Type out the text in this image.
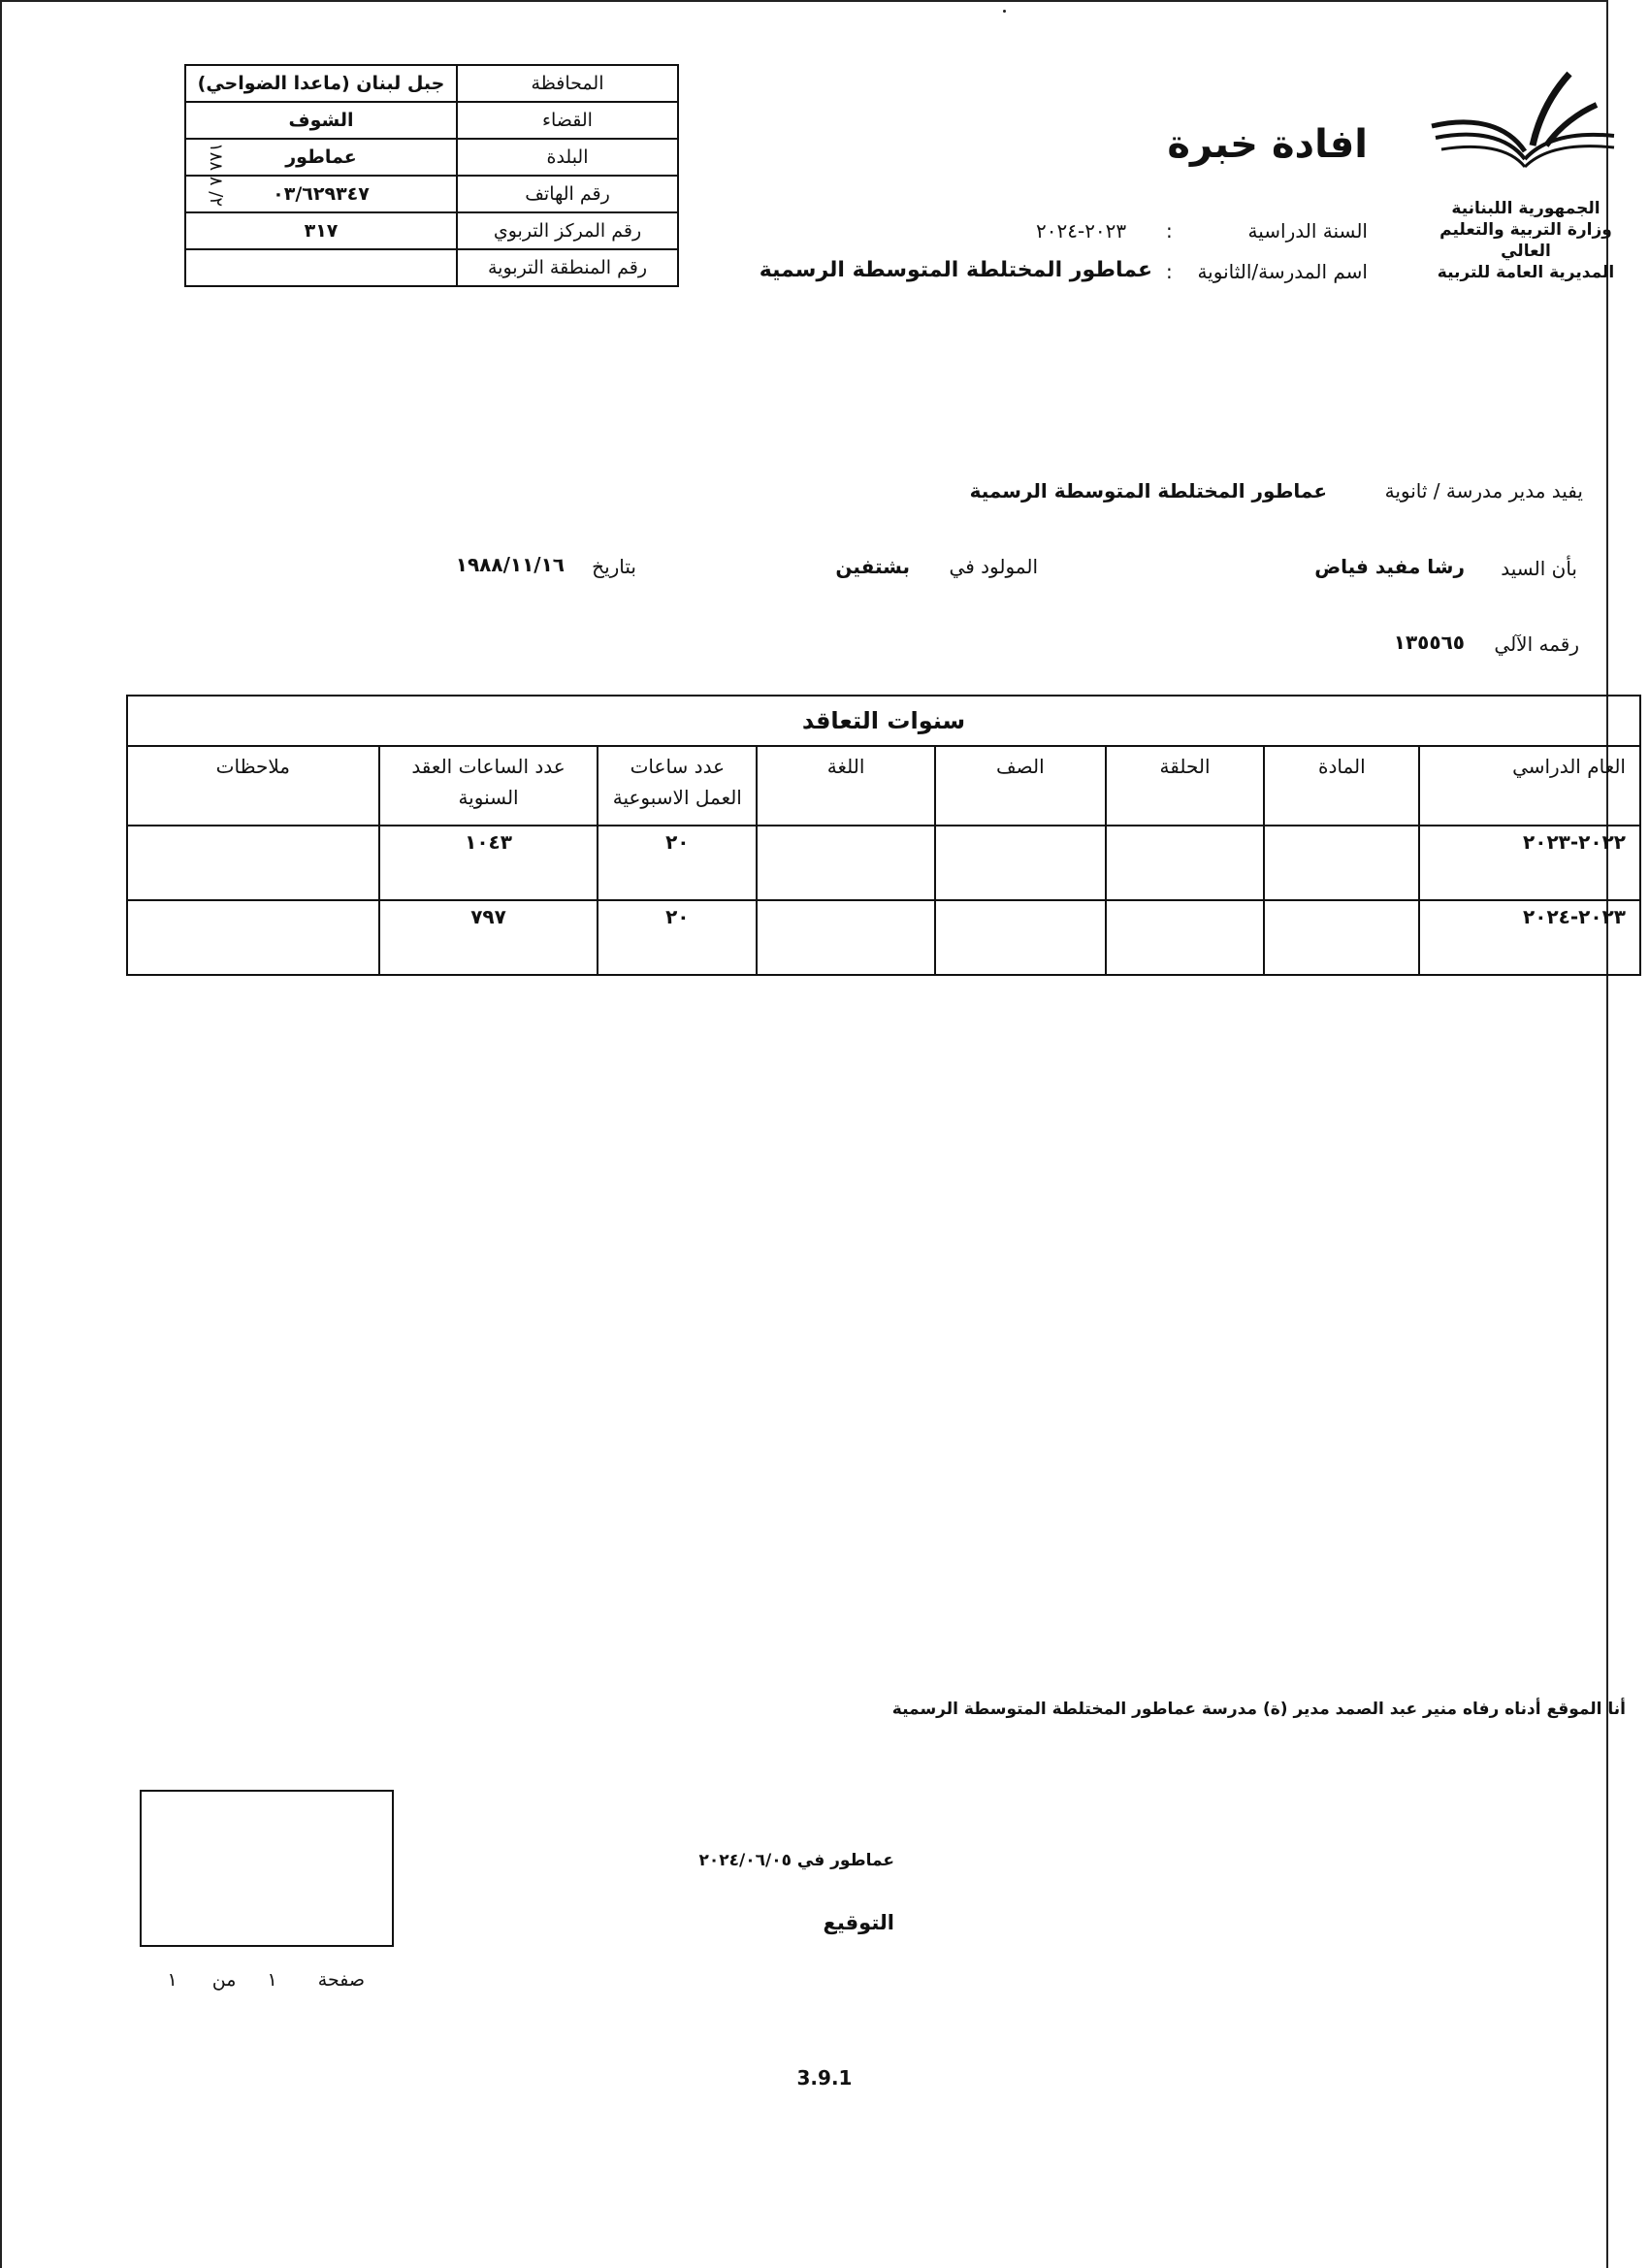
المحافظة	جبل لبنان (ماعدا الضواحي)
القضاء	الشوف
البلدة	عماطور
رقم الهاتف	٠٣/٦٢٩٣٤٧
رقم المركز التربوي	٣١٧
رقم المنطقة التربوية	
٢/ ٨ ١٨٨	الجمهورية اللبنانية
وزارة التربية والتعليم العالي
المديرية العامة للتربية
افادة خبرة
السنة الدراسية
:
٢٠٢٣-٢٠٢٤
اسم المدرسة/الثانوية
:
عماطور المختلطة المتوسطة الرسمية
يفيد مدير مدرسة / ثانوية
عماطور المختلطة المتوسطة الرسمية
بأن السيد
رشا مفيد فياض
المولود في
بشتفين
بتاريخ
١٩٨٨/١١/١٦
رقمه الآلي
١٣٥٥٦٥
سنوات التعاقد							
العام الدراسي	المادة	الحلقة	الصف	اللغة	عدد ساعات العمل الاسبوعية	عدد الساعات العقد السنوية	ملاحظات
٢٠٢٢-٢٠٢٣					٢٠	١٠٤٣	
٢٠٢٣-٢٠٢٤					٢٠	٧٩٧	
أنا الموقع أدناه رفاه منير عبد الصمد مدير (ة) مدرسة عماطور المختلطة المتوسطة الرسمية
عماطور في ٢٠٢٤/٠٦/٠٥
التوقيع
صفحة  ١  من  ١
3.9.1
